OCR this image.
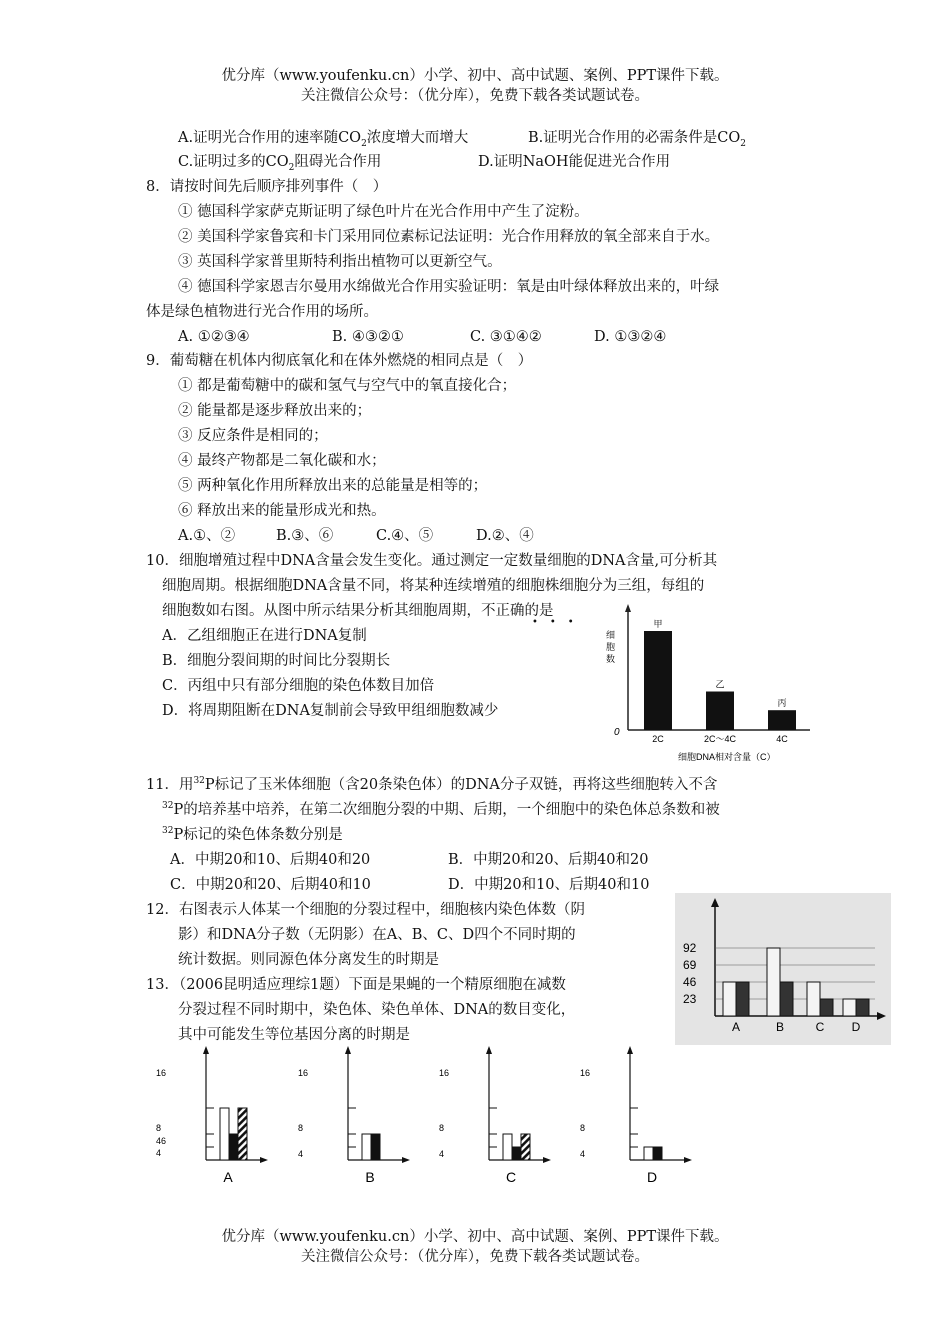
优分库（www.youfenku.cn）小学、初中、高中试题、案例、PPT课件下载。
关注微信公众号：（优分库），免费下载各类试题试卷。
A.证明光合作用的速率随$CO_2$浓度增大而增大	B.证明光合作用的必需条件是$CO_2$
C.证明过多的$CO_2$阻碍光合作用	D.证明NaOH能促进光合作用
8．请按时间先后顺序排列事件（　）
① 德国科学家萨克斯证明了绿色叶片在光合作用中产生了淀粉。
② 美国科学家鲁宾和卡门采用同位素标记法证明：光合作用释放的氧全部来自于水。
③ 英国科学家普里斯特利指出植物可以更新空气。
④ 德国科学家恩吉尔曼用水绵做光合作用实验证明：氧是由叶绿体释放出来的，叶绿
体是绿色植物进行光合作用的场所。
A. ①②③④	B. ④③②①	C. ③①④②	D. ①③②④
9．葡萄糖在机体内彻底氧化和在体外燃烧的相同点是（　）
① 都是葡萄糖中的碳和氢气与空气中的氧直接化合；
② 能量都是逐步释放出来的；
③ 反应条件是相同的；
④ 最终产物都是二氧化碳和水；
⑤ 两种氧化作用所释放出来的总能量是相等的；
⑥ 释放出来的能量形成光和热。
A.①、②	B.③、⑥	C.④、⑤	D.②、④
10．细胞增殖过程中DNA含量会发生变化。通过测定一定数量细胞的DNA含量,可分析其
细胞周期。根据细胞DNA含量不同，将某种连续增殖的细胞株细胞分为三组，每组的
细胞数如右图。从图中所示结果分析其细胞周期，不正确的是
•••
A．乙组细胞正在进行DNA复制
B．细胞分裂间期的时间比分裂期长
C．丙组中只有部分细胞的染色体数目加倍
D．将周期阻断在DNA复制前会导致甲组细胞数减少
细
胞
数
0
甲
2C
乙
2C～4C
丙
4C
细胞DNA相对含量（C）
11．用$^{32}$P标记了玉米体细胞（含20条染色体）的DNA分子双链，再将这些细胞转入不含
$^{32}$P的培养基中培养，在第二次细胞分裂的中期、后期，一个细胞中的染色体总条数和被
$^{32}$P标记的染色体条数分别是
A．中期20和10、后期40和20	B．中期20和20、后期40和20
C．中期20和20、后期40和10	D．中期20和10、后期40和10
12．右图表示人体某一个细胞的分裂过程中，细胞核内染色体数（阴
影）和DNA分子数（无阴影）在A、B、C、D四个不同时期的
统计数据。则同源色体分离发生的时期是
23
46
69
92
A	B	C D
13．（2006昆明适应理综1题）下面是果蝇的一个精原细胞在减数
分裂过程不同时期中，染色体、染色单体、DNA的数目变化，
其中可能发生等位基因分离的时期是
16
8
46
4
A
16
8
4
B
16
8
4
C
16
8
4
D
优分库（www.youfenku.cn）小学、初中、高中试题、案例、PPT课件下载。
关注微信公众号：（优分库），免费下载各类试题试卷。
